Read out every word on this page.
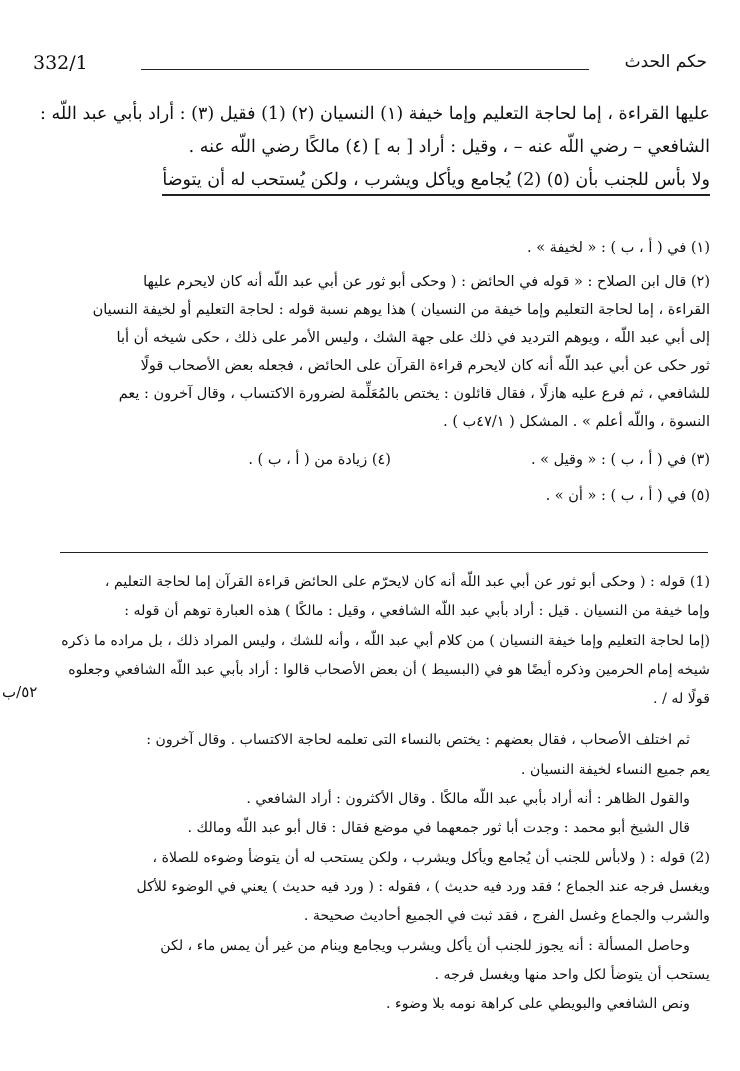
332/1	حكم الحدث

عليها القراءة ، إما لحاجة التعليم وإما خيفة (١) النسيان (٢) (1) فقيل (٣) : أراد بأبي عبد اللّه :

الشافعي – رضي اللّه عنه – ، وقيل : أراد [ به ] (٤) مالكًا رضي اللّه عنه .

ولا بأس للجنب بأن (٥) (2) يُجامع ويأكل ويشرب ، ولكن يُستحب له أن يتوضأ

(١) في ( أ ، ب ) : « لخيفة » .

(٢) قال ابن الصلاح : « قوله في الحائض : ( وحكى أبو ثور عن أبي عبد اللّه أنه كان لايحرم عليها

القراءة ، إما لحاجة التعليم وإما خيفة من النسيان ) هذا يوهم نسبة قوله : لحاجة التعليم أو لخيفة النسيان

إلى أبي عبد اللّه ، ويوهم الترديد في ذلك على جهة الشك ، وليس الأمر على ذلك ، حكى شيخه أن أبا

ثور حكى عن أبي عبد اللّه أنه كان لايحرم قراءة القرآن على الحائض ، فجعله بعض الأصحاب قولًا

للشافعي ، ثم فرع عليه هازلًا ، فقال قائلون : يختص بالمُعَلِّمة لضرورة الاكتساب ، وقال آخرون : يعم

النسوة ، واللّه أعلم » . المشكل ( ٤٧/١ب ) .

(٣) في ( أ ، ب ) : « وقيل » .
(٤) زيادة من ( أ ، ب ) .

(٥) في ( أ ، ب ) : « أن » .

٥٢/ب

(1) قوله : ( وحكى أبو ثور عن أبي عبد اللّه أنه كان لايحرّم على الحائض قراءة القرآن إما لحاجة التعليم ،

وإما خيفة من النسيان . قيل : أراد بأبي عبد اللّه الشافعي ، وقيل : مالكًا ) هذه العبارة توهم أن قوله :

(إما لحاجة التعليم وإما خيفة النسيان ) من كلام أبي عبد اللّه ، وأنه للشك ، وليس المراد ذلك ، بل مراده ما ذكره

شيخه إمام الحرمين وذكره أيضًا هو في (البسيط ) أن بعض الأصحاب قالوا : أراد بأبي عبد اللّه الشافعي وجعلوه

قولًا له / .

ثم اختلف الأصحاب ، فقال بعضهم : يختص بالنساء التى تعلمه لحاجة الاكتساب . وقال آخرون :

يعم جميع النساء لخيفة النسيان .

والقول الظاهر : أنه أراد بأبي عبد اللّه مالكًا . وقال الأكثرون : أراد الشافعي .

قال الشيخ أبو محمد : وجدت أبا ثور جمعهما في موضع فقال : قال أبو عبد اللّه ومالك .

(2) قوله : ( ولابأس للجنب أن يُجامع ويأكل ويشرب ، ولكن يستحب له أن يتوضأ وضوءه للصلاة ،

ويغسل فرجه عند الجماع ؛ فقد ورد فيه حديث ) ، فقوله : ( ورد فيه حديث ) يعني في الوضوء للأكل

والشرب والجماع وغسل الفرج ، فقد ثبت في الجميع أحاديث صحيحة .

وحاصل المسألة : أنه يجوز للجنب أن يأكل ويشرب ويجامع وينام من غير أن يمس ماء ، لكن

يستحب أن يتوضأ لكل واحد منها ويغسل فرجه .

ونص الشافعي والبويطي على كراهة نومه بلا وضوء .
